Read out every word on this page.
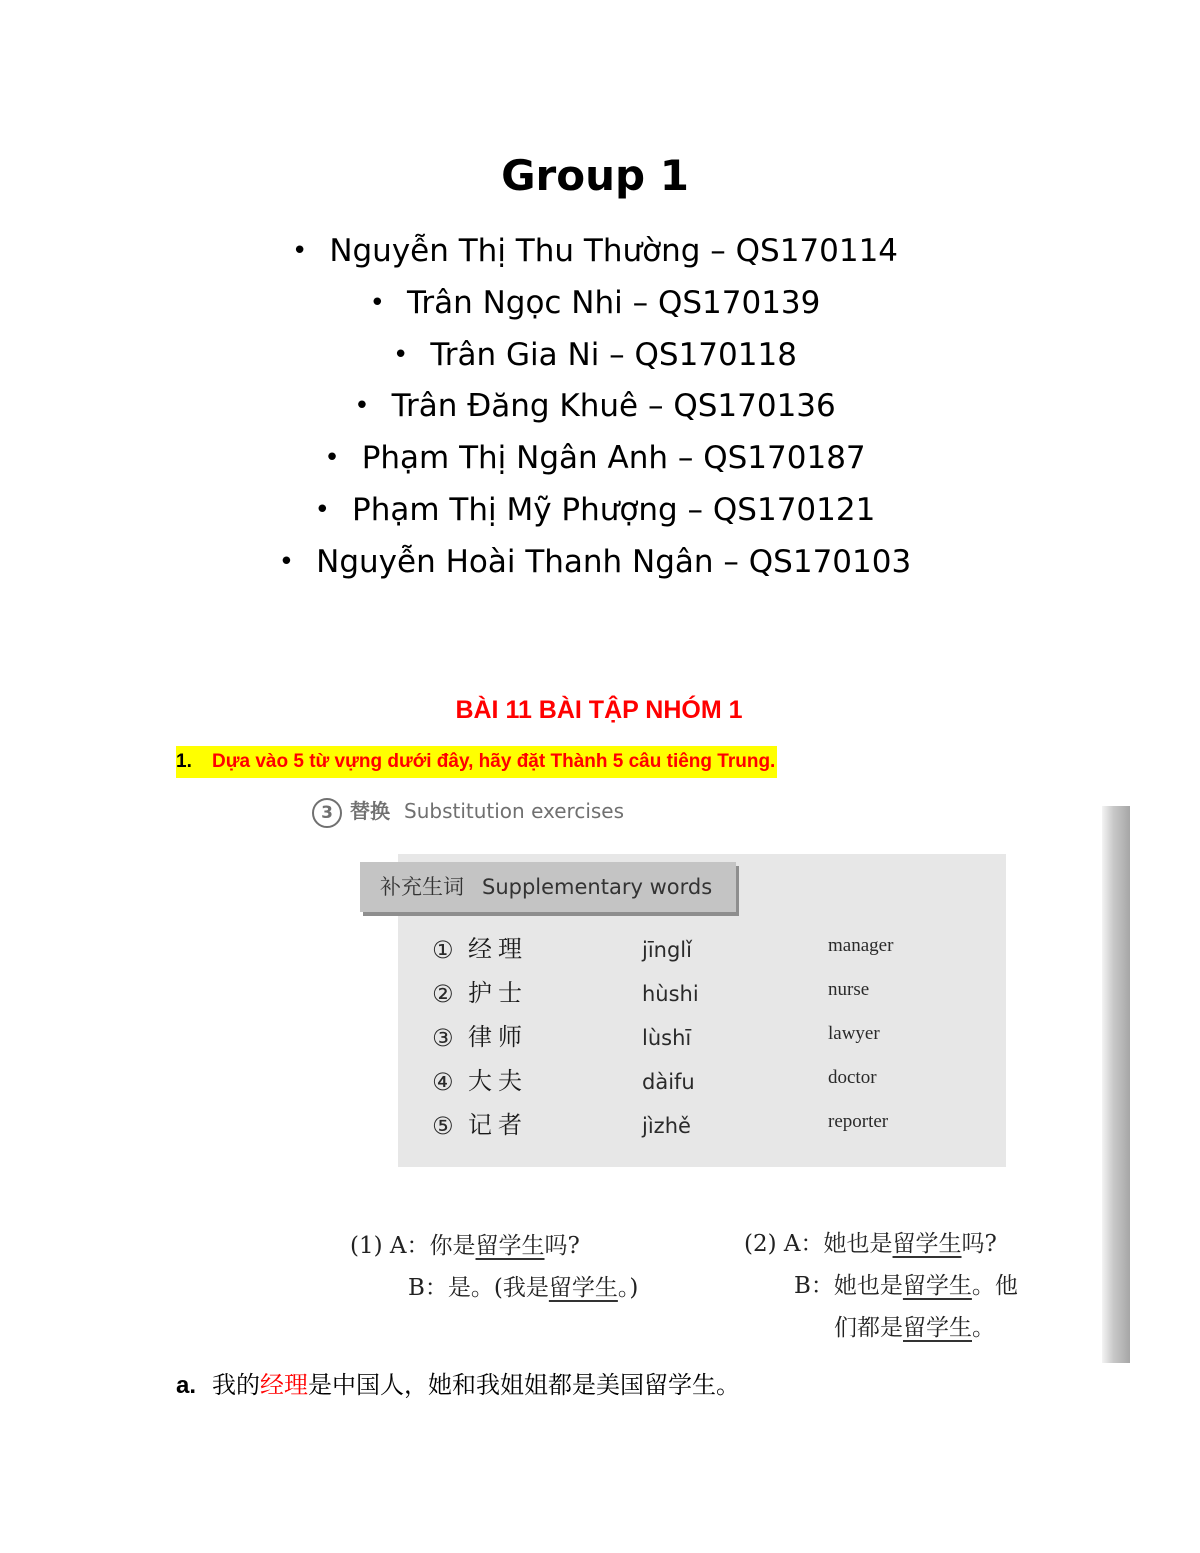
Group 1
• Nguyễn Thị Thu Thường – QS170114
• Trân Ngọc Nhi – QS170139
• Trân Gia Ni – QS170118
• Trân Đăng Khuê – QS170136
• Phạm Thị Ngân Anh – QS170187
• Phạm Thị Mỹ Phượng – QS170121
• Nguyễn Hoài Thanh Ngân – QS170103
BÀI 11 BÀI TẬP NHÓM 1
1. Dựa vào 5 từ vựng dưới đây, hãy đặt Thành 5 câu tiêng Trung.
3 替换 Substitution exercises
补充生词 Supplementary words
① 经理	jīnglǐ	manager
② 护士	hùshi	nurse
③ 律师	lùshī	lawyer
④ 大夫	dàifu	doctor
⑤ 记者	jìzhě	reporter
(1) A：你是留学生吗?
B：是。(我是留学生。)
(2) A：她也是留学生吗?
B：她也是留学生。他
们都是留学生。
a. 我的经理是中国人，她和我姐姐都是美国留学生。
